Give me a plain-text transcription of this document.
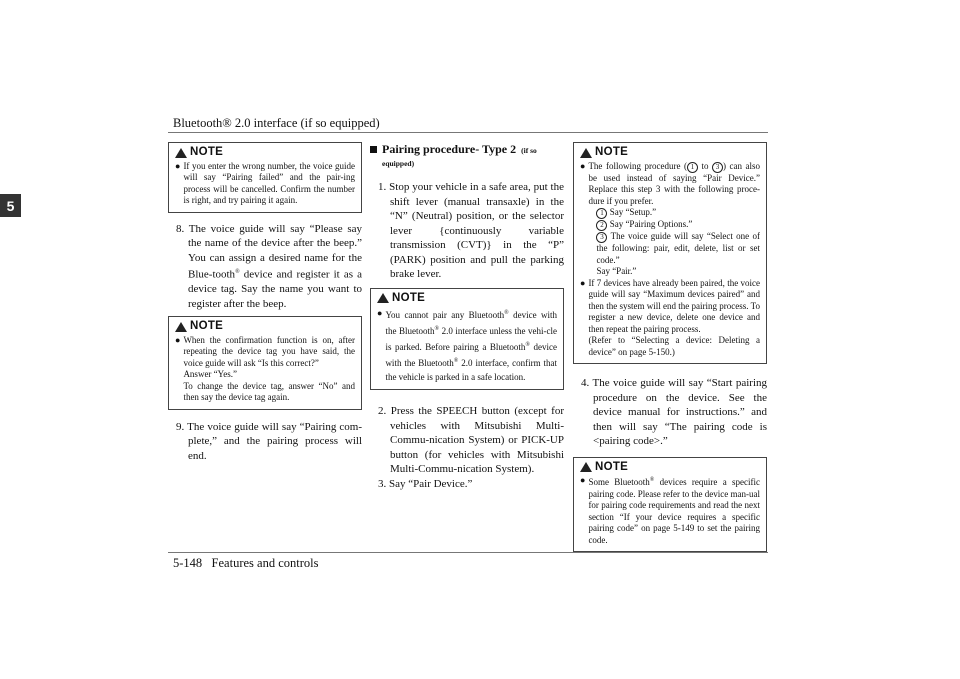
Bluetooth® 2.0 interface (if so equipped)
5
NOTE
● If you enter the wrong number, the voice guide will say “Pairing failed” and the pair-ing process will be cancelled. Confirm the number is right, and try pairing it again.
8. The voice guide will say “Please say the name of the device after the beep.” You can assign a desired name for the Blue-tooth® device and register it as a device tag. Say the name you want to register after the beep.
NOTE
● When the confirmation function is on, after repeating the device tag you have said, the voice guide will ask “Is this correct?”
Answer “Yes.”
To change the device tag, answer “No” and then say the device tag again.
9. The voice guide will say “Pairing com-plete,” and the pairing process will end.
Pairing procedure- Type 2 (if so
equipped)
1. Stop your vehicle in a safe area, put the shift lever (manual transaxle) in the “N” (Neutral) position, or the selector lever {continuously variable transmission (CVT)} in the “P” (PARK) position and pull the parking brake lever.
NOTE
● You cannot pair any Bluetooth® device with the Bluetooth® 2.0 interface unless the vehi-cle is parked. Before pairing a Bluetooth® device with the Bluetooth® 2.0 interface, confirm that the vehicle is parked in a safe location.
2. Press the SPEECH button (except for vehicles with Mitsubishi Multi-Commu-nication System) or PICK-UP button (for vehicles with Mitsubishi Multi-Commu-nication System).
3. Say “Pair Device.”
NOTE
● The following procedure ( 1 to 3 ) can also be used instead of saying “Pair Device.” Replace this step 3 with the following proce-dure if you prefer.
1 Say “Setup.”
2 Say “Pairing Options.”
3 The voice guide will say “Select one of the following: pair, edit, delete, list or set code.”
Say “Pair.”
● If 7 devices have already been paired, the voice guide will say “Maximum devices paired” and then the system will end the pairing process. To register a new device, delete one device and then repeat the pairing process.
(Refer to “Selecting a device: Deleting a device” on page 5-150.)
4. The voice guide will say “Start pairing procedure on the device. See the device manual for instructions.” and then will say “The pairing code is <pairing code>.”
NOTE
● Some Bluetooth® devices require a specific pairing code. Please refer to the device man-ual for pairing code requirements and read the next section “If your device requires a specific pairing code” on page 5-149 to set the pairing code.
5-148 Features and controls
